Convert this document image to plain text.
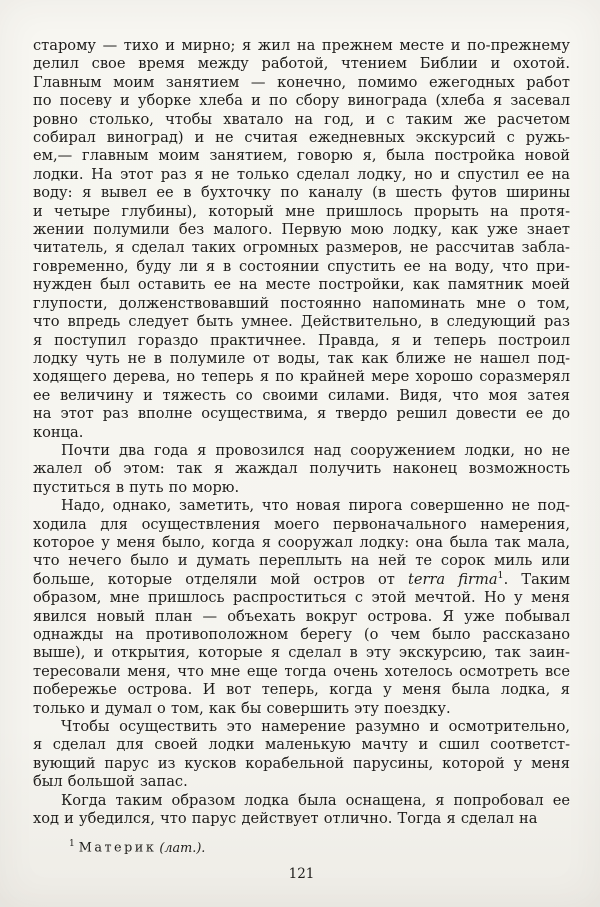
старому — тихо и мирно; я жил на прежнем месте и по-прежнему
делил свое время между работой, чтением Библии и охотой.
Главным моим занятием — конечно, помимо ежегодных работ
по посеву и уборке хлеба и по сбору винограда (хлеба я засевал
ровно столько, чтобы хватало на год, и с таким же расчетом
собирал виноград) и не считая ежедневных экскурсий с ружь-
ем,— главным моим занятием, говорю я, была постройка новой
лодки. На этот раз я не только сделал лодку, но и спустил ее на
воду: я вывел ее в бухточку по каналу (в шесть футов ширины
и четыре глубины), который мне пришлось прорыть на протя-
жении полумили без малого. Первую мою лодку, как уже знает
читатель, я сделал таких огромных размеров, не рассчитав забла-
говременно, буду ли я в состоянии спустить ее на воду, что при-
нужден был оставить ее на месте постройки, как памятник моей
глупости, долженствовавший постоянно напоминать мне о том,
что впредь следует быть умнее. Действительно, в следующий раз
я поступил гораздо практичнее. Правда, я и теперь построил
лодку чуть не в полумиле от воды, так как ближе не нашел под-
ходящего дерева, но теперь я по крайней мере хорошо соразмерял
ее величину и тяжесть со своими силами. Видя, что моя затея
на этот раз вполне осуществима, я твердо решил довести ее до
конца.
Почти два года я провозился над сооружением лодки, но не
жалел об этом: так я жаждал получить наконец возможность
пуститься в путь по морю.
Надо, однако, заметить, что новая пирога совершенно не под-
ходила для осуществления моего первоначального намерения,
которое у меня было, когда я сооружал лодку: она была так мала,
что нечего было и думать переплыть на ней те сорок миль или
больше, которые отделяли мой остров от terra firma$^1$. Таким
образом, мне пришлось распроститься с этой мечтой. Но у меня
явился новый план — объехать вокруг острова. Я уже побывал
однажды на противоположном берегу (о чем было рассказано
выше), и открытия, которые я сделал в эту экскурсию, так заин-
тересовали меня, что мне еще тогда очень хотелось осмотреть все
побережье острова. И вот теперь, когда у меня была лодка, я
только и думал о том, как бы совершить эту поездку.
Чтобы осуществить это намерение разумно и осмотрительно,
я сделал для своей лодки маленькую мачту и сшил соответст-
вующий парус из кусков корабельной парусины, которой у меня
был большой запас.
Когда таким образом лодка была оснащена, я попробовал ее
ход и убедился, что парус действует отлично. Тогда я сделал на
$^1$ Материк (лат.).
121
